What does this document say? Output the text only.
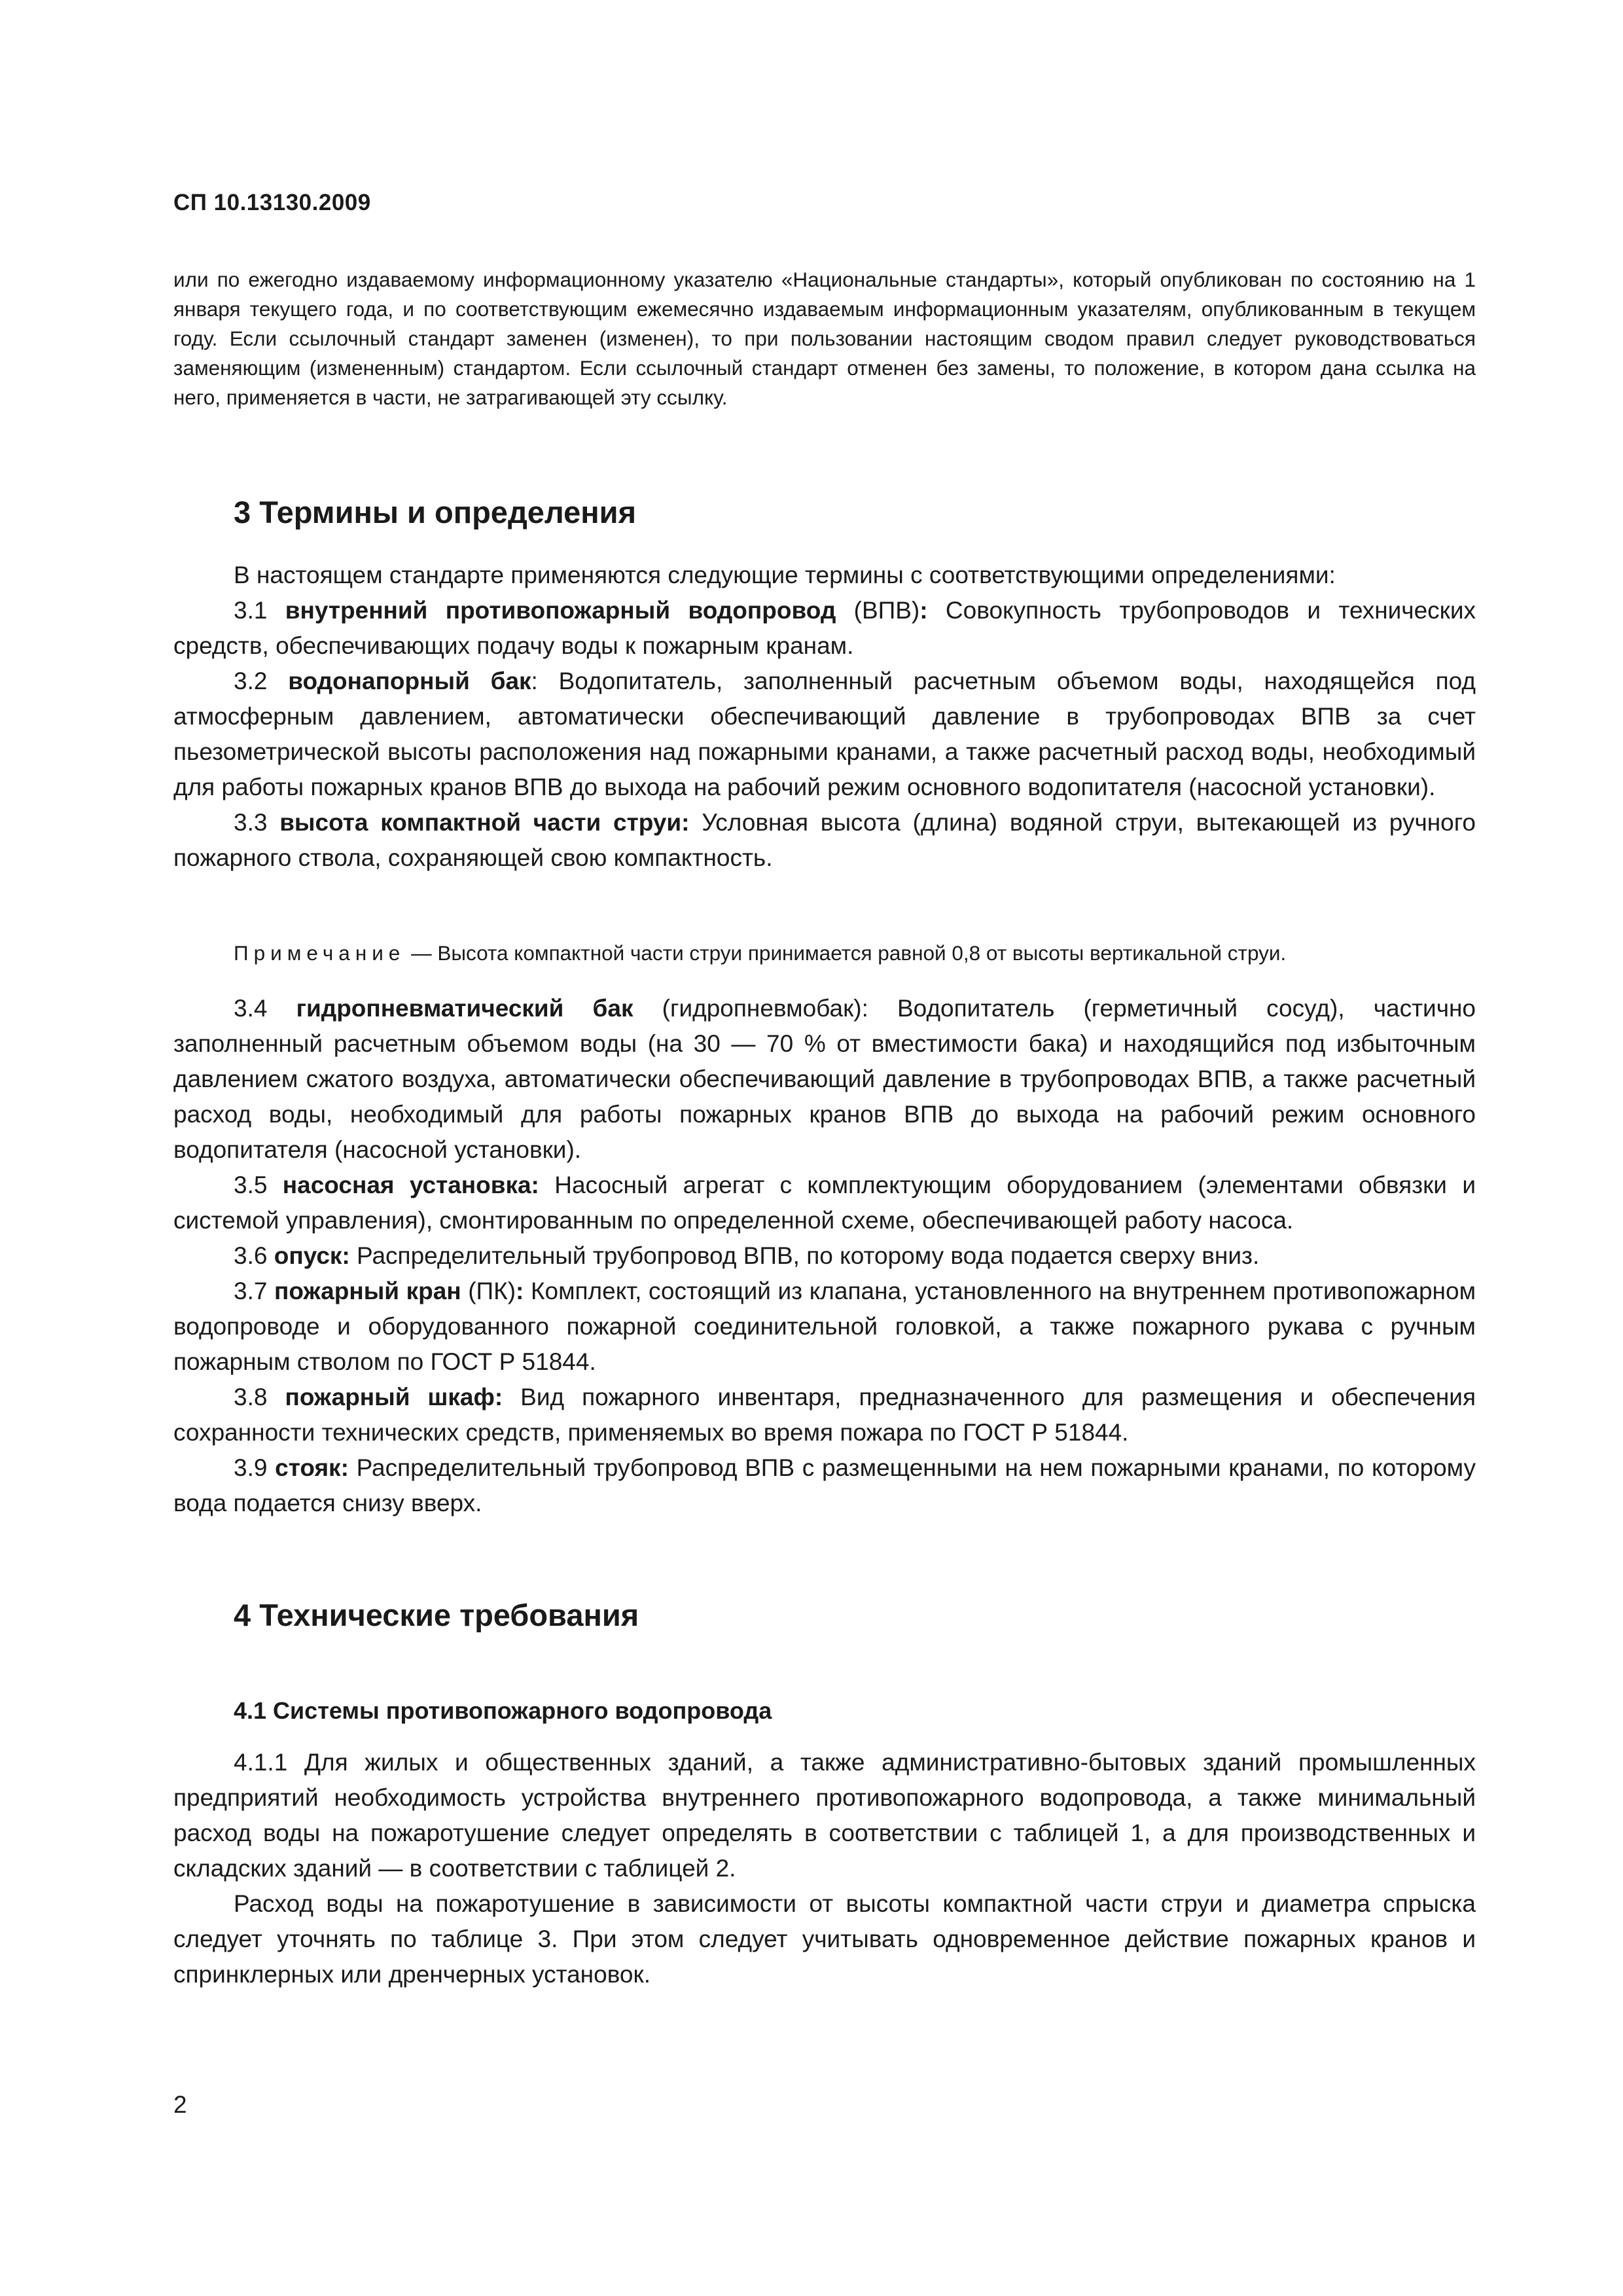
СП 10.13130.2009

или по ежегодно издаваемому информационному указателю «Национальные стандарты», который опубликован по состоянию на 1 января текущего года, и по соответствующим ежемесячно издаваемым информационным указателям, опубликованным в текущем году. Если ссылочный стандарт заменен (изменен), то при пользовании настоящим сводом правил следует руководствоваться заменяющим (измененным) стандартом. Если ссылочный стандарт отменен без замены, то положение, в котором дана ссылка на него, применяется в части, не затрагивающей эту ссылку.

3 Термины и определения

В настоящем стандарте применяются следующие термины с соответствующими определениями:

3.1 внутренний противопожарный водопровод (ВПВ): Совокупность трубопроводов и технических средств, обеспечивающих подачу воды к пожарным кранам.

3.2 водонапорный бак: Водопитатель, заполненный расчетным объемом воды, находящейся под атмосферным давлением, автоматически обеспечивающий давление в трубопроводах ВПВ за счет пьезометрической высоты расположения над пожарными кранами, а также расчетный расход воды, необходимый для работы пожарных кранов ВПВ до выхода на рабочий режим основного водопитателя (насосной установки).

3.3 высота компактной части струи: Условная высота (длина) водяной струи, вытекающей из ручного пожарного ствола, сохраняющей свою компактность.

Примечание — Высота компактной части струи принимается равной 0,8 от высоты вертикальной струи.

3.4 гидропневматический бак (гидропневмобак): Водопитатель (герметичный сосуд), частично заполненный расчетным объемом воды (на 30 — 70 % от вместимости бака) и находящийся под избыточным давлением сжатого воздуха, автоматически обеспечивающий давление в трубопроводах ВПВ, а также расчетный расход воды, необходимый для работы пожарных кранов ВПВ до выхода на рабочий режим основного водопитателя (насосной установки).

3.5 насосная установка: Насосный агрегат с комплектующим оборудованием (элементами обвязки и системой управления), смонтированным по определенной схеме, обеспечивающей работу насоса.

3.6 опуск: Распределительный трубопровод ВПВ, по которому вода подается сверху вниз.

3.7 пожарный кран (ПК): Комплект, состоящий из клапана, установленного на внутреннем противопожарном водопроводе и оборудованного пожарной соединительной головкой, а также пожарного рукава с ручным пожарным стволом по ГОСТ Р 51844.

3.8 пожарный шкаф: Вид пожарного инвентаря, предназначенного для размещения и обеспечения сохранности технических средств, применяемых во время пожара по ГОСТ Р 51844.

3.9 стояк: Распределительный трубопровод ВПВ с размещенными на нем пожарными кранами, по которому вода подается снизу вверх.

4 Технические требования
4.1 Системы противопожарного водопровода

4.1.1 Для жилых и общественных зданий, а также административно-бытовых зданий промышленных предприятий необходимость устройства внутреннего противопожарного водопровода, а также минимальный расход воды на пожаротушение следует определять в соответствии с таблицей 1, а для производственных и складских зданий — в соответствии с таблицей 2.

Расход воды на пожаротушение в зависимости от высоты компактной части струи и диаметра спрыска следует уточнять по таблице 3. При этом следует учитывать одновременное действие пожарных кранов и спринклерных или дренчерных установок.

2
